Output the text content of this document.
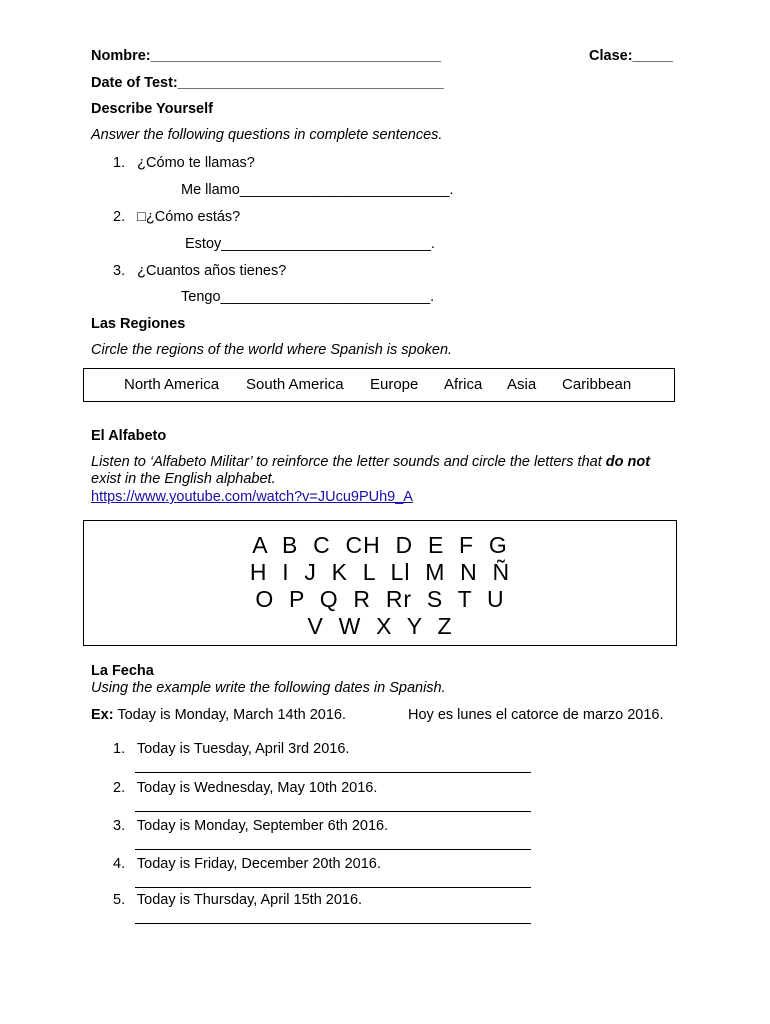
Nombre:____________________________________	Clase:_____
Date of Test:_________________________________
Describe Yourself
Answer the following questions in complete sentences.
1.   ¿Cómo te llamas?
Me llamo__________________________.
2.   □¿Cómo estás?
Estoy__________________________.
3.   ¿Cuantos años tienes?
Tengo__________________________.
Las Regiones
Circle the regions of the world where Spanish is spoken.
North America South America Europe Africa Asia Caribbean
El Alfabeto
Listen to ‘Alfabeto Militar’ to reinforce the letter sounds and circle the letters that do not
exist in the English alphabet.
https://www.youtube.com/watch?v=JUcu9PUh9_A
A  B  C  CH  D  E  F  G
H  I  J  K  L  Ll  M  N  Ñ
O  P  Q  R  Rr  S  T  U
V  W  X  Y  Z
La Fecha
Using the example write the following dates in Spanish.
Ex: Today is Monday, March 14th 2016.	Hoy es lunes el catorce de marzo 2016.
1.   Today is Tuesday, April 3rd 2016.
2.   Today is Wednesday, May 10th 2016.
3.   Today is Monday, September 6th 2016.
4.   Today is Friday, December 20th 2016.
5.   Today is Thursday, April 15th 2016.
